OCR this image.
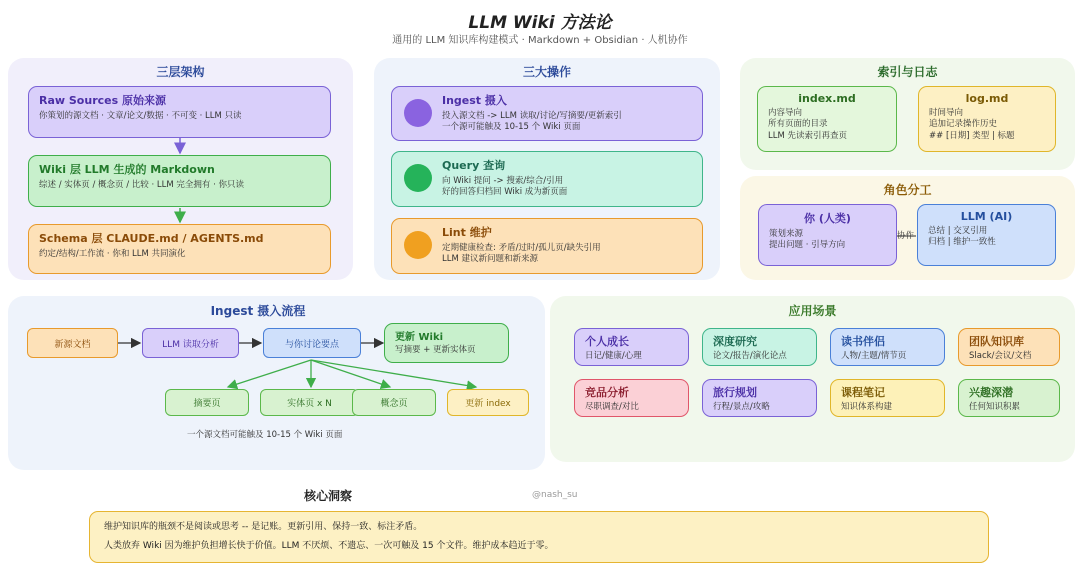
LLM Wiki 方法论
通用的 LLM 知识库构建模式 · Markdown + Obsidian · 人机协作
三层架构
Raw Sources 原始来源
你策划的源文档 · 文章/论文/数据 · 不可变 · LLM 只读
Wiki 层 LLM 生成的 Markdown
综述 / 实体页 / 概念页 / 比较 · LLM 完全拥有 · 你只读
Schema 层 CLAUDE.md / AGENTS.md
约定/结构/工作流 · 你和 LLM 共同演化
三大操作
Ingest 摄入
投入源文档 -> LLM 读取/讨论/写摘要/更新索引
一个源可能触及 10-15 个 Wiki 页面
Query 查询
向 Wiki 提问 -> 搜索/综合/引用
好的回答归档回 Wiki 成为新页面
Lint 维护
定期健康检查: 矛盾/过时/孤儿页/缺失引用
LLM 建议新问题和新来源
索引与日志
index.md
内容导向
所有页面的目录
LLM 先读索引再查页
log.md
时间导向
追加记录操作历史
## [日期] 类型 | 标题
角色分工
你 (人类)
策划来源
提出问题 · 引导方向
协作
LLM (AI)
总结 | 交叉引用
归档 | 维护一致性
Ingest 摄入流程
新源文档	LLM 读取分析	与你讨论要点
更新 Wiki
写摘要 + 更新实体页
摘要页	实体页 x N	概念页	更新 index
一个源文档可能触及 10-15 个 Wiki 页面
应用场景
个人成长
日记/健康/心理
深度研究
论文/报告/演化论点
读书伴侣
人物/主题/情节页
团队知识库
Slack/会议/文档
竞品分析
尽职调查/对比
旅行规划
行程/景点/攻略
课程笔记
知识体系构建
兴趣深潜
任何知识积累
核心洞察	@nash_su
维护知识库的瓶颈不是阅读或思考 -- 是记账。更新引用、保持一致、标注矛盾。
人类放弃 Wiki 因为维护负担增长快于价值。LLM 不厌烦、不遗忘、一次可触及 15 个文件。维护成本趋近于零。
